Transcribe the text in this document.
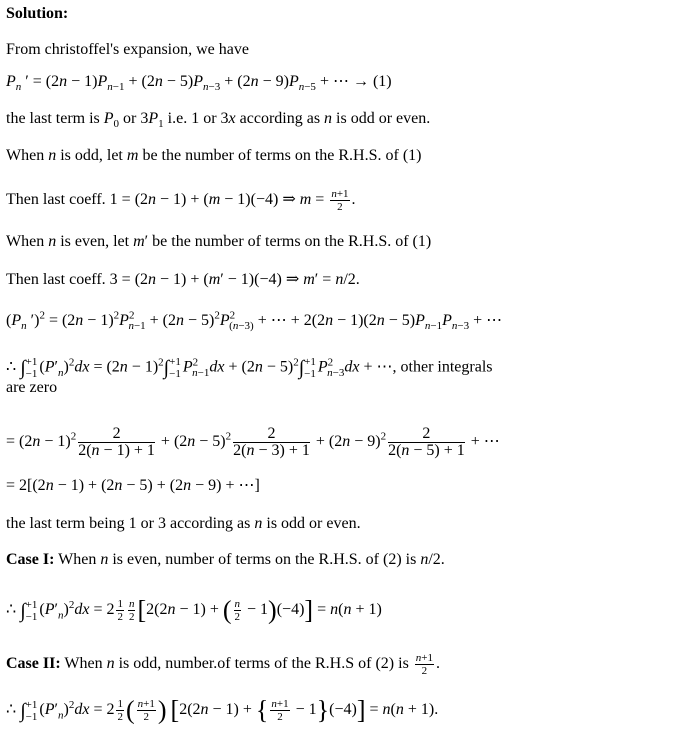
Solution:
From christoffel's expansion, we have
$P_n$ ′ = $(2n - 1)P_{n-1} + (2n - 5)P_{n-3} + (2n - 9)P_{n-5}$ + ⋯ → (1)
the last term is $P_0$ or $3P_1$ i.e. 1 or 3x according as n is odd or even.
When n is odd, let m be the number of terms on the R.H.S. of (1)
Then last coeff. 1 = (2n − 1) + (m − 1)(−4) ⇒ $m = \frac{n+1}{2}$ .
When n is even, let m′ be the number of terms on the R.H.S. of (1)
Then last coeff. 3 = (2n − 1) + (m′ − 1)(−4) ⇒ m′ = n/2.
($P_n$ $')^2 = (2n - 1)^2P^2_{n-1} + (2n - 5)^2P^2_{(n-3)}$ + ⋯ + $2(2n - 1)(2n - 5)P_{n-1}P_{n-3}$ + ⋯
∴ ∫ +1
−1 $(P'_n)^2dx = (2n - 1)^2\int +1$
−1 $P^2_{n-1}dx + (2n - 5)^2\int +1$
−1 $P^2_{n-3}dx$ + ⋯, other integrals
are zero
= $(2n - 1)^2 \frac{2}{2(n - 1) + 1} + (2n - 5)^2 \frac{2}{2(n - 3) + 1} + (2n - 9)^2 \frac{2}{2(n - 5) + 1}$ + ⋯
= 2[(2n − 1) + (2n − 5) + (2n − 9) + ⋯]
the last term being 1 or 3 according as n is odd or even.
Case I: When n is even, number of terms on the R.H.S. of (2) is n/2.
∴ ∫ +1
−1 $(P'_n)^2dx = 2 \frac{1}{2} \frac{n}{2} [2(2n - 1)$ + ( $\frac{n}{2} - 1)(-4)] = n(n + 1)$
Case II: When n is odd, number.of terms of the R.H.S of (2) is $\frac{n+1}{2}$ .
∴ ∫ +1
−1 $(P'_n)^2dx = 2 \frac{1}{2}$ ( $\frac{n+1}{2}$ ) [2(2n − 1) + { $\frac{n+1}{2} - 1\}(-4)] = n(n + 1)$.
